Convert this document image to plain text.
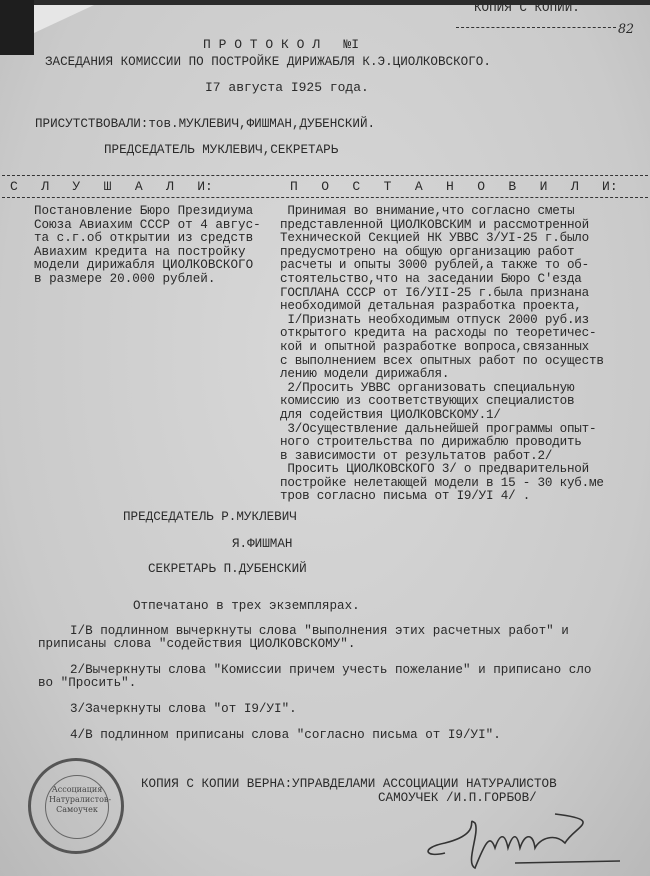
КОПИЯ С КОПИИ.
82
П Р О Т О К О Л   №I
ЗАСЕДАНИЯ КОМИССИИ ПО ПОСТРОЙКЕ ДИРИЖАБЛЯ К.Э.ЦИОЛКОВСКОГО.
I7 августа I925 года.
ПРИСУТСТВОВАЛИ:тов.МУКЛЕВИЧ,ФИШМАН,ДУБЕНСКИЙ.
ПРЕДСЕДАТЕЛЬ МУКЛЕВИЧ,СЕКРЕТАРЬ
С   Л   У   Ш   А   Л   И:	П   О   С   Т   А   Н   О   В   И   Л   И:
Постановление Бюро Президиума
Союза Авиахим СССР от 4 авгус-
та с.г.об открытии из средств
Авиахим кредита на постройку
модели дирижабля ЦИОЛКОВСКОГО
в размере 20.000 рублей.
Принимая во внимание,что согласно сметы
представленной ЦИОЛКОВСКИМ и рассмотренной
Технической Секцией НК УВВС 3/УI-25 г.было
предусмотрено на общую организацию работ
расчеты и опыты 3000 рублей,а также то об-
стоятельство,что на заседании Бюро С'езда
ГОСПЛАНА СССР от I6/УII-25 г.была признана
необходимой детальная разработка проекта,
I/Признать необходимым отпуск 2000 руб.из
открытого кредита на расходы по теоретичес-
кой и опытной разработке вопроса,связанных
с выполнением всех опытных работ по осуществ
лению модели дирижабля.
2/Просить УВВС организовать специальную
комиссию из соответствующих специалистов
для содействия ЦИОЛКОВСКОМУ.1/
3/Осуществление дальнейшей программы опыт-
ного строительства по дирижаблю проводить
в зависимости от результатов работ.2/
Просить ЦИОЛКОВСКОГО 3/ о предварительной
постройке нелетающей модели в 15 - 30 куб.ме
тров согласно письма от I9/УI 4/ .
ПРЕДСЕДАТЕЛЬ Р.МУКЛЕВИЧ
Я.ФИШМАН
СЕКРЕТАРЬ П.ДУБЕНСКИЙ
Отпечатано в трех экземплярах.
I/В подлинном вычеркнуты слова "выполнения этих расчетных работ" и
приписаны слова "содействия ЦИОЛКОВСКОМУ".
2/Вычеркнуты слова "Комиссии причем учесть пожелание" и приписано сло
во "Просить".
3/Зачеркнуты слова "от I9/УI".
4/В подлинном приписаны слова "согласно письма от I9/УI".
Ассоциация Натуралистов-Самоучек
КОПИЯ С КОПИИ ВЕРНА:УПРАВДЕЛАМИ АССОЦИАЦИИ НАТУРАЛИСТОВ
САМОУЧЕК /И.П.ГОРБОВ/
